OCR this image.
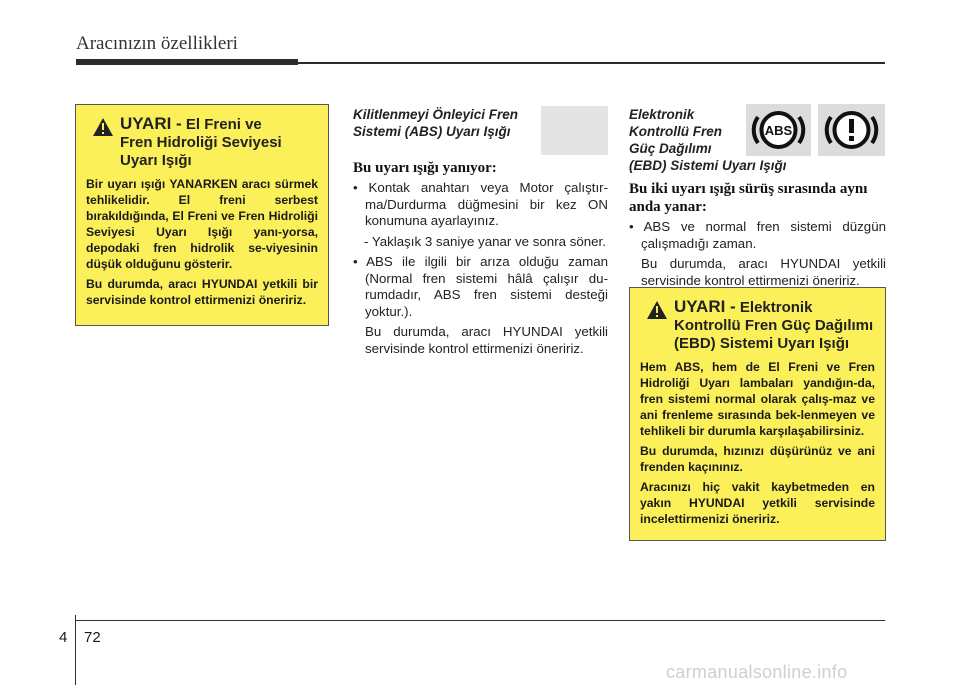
Aracınızın özellikleri
UYARI - El Freni ve
Fren Hidroliği Seviyesi
Uyarı Işığı

Bir uyarı ışığı YANARKEN aracı sürmek tehlikelidir. El freni serbest bırakıldığında, El Freni ve Fren Hidroliği Seviyesi Uyarı Işığı yanı-yorsa, depodaki fren hidrolik se-viyesinin düşük olduğunu gösterir.

Bu durumda, aracı HYUNDAI yetkili bir servisinde kontrol ettirmenizi öneririz.

Kilitlenmeyi Önleyici Fren
Sistemi (ABS) Uyarı Işığı
Bu uyarı ışığı yanıyor:

• Kontak anahtarı veya Motor çalıştır-ma/Durdurma düğmesini bir kez ON konumuna ayarlayınız.

- Yaklaşık 3 saniye yanar ve sonra söner.

• ABS ile ilgili bir arıza olduğu zaman (Normal fren sistemi hâlâ çalışır du-rumdadır, ABS fren sistemi desteği yoktur.).

Bu durumda, aracı HYUNDAI yetkili servisinde kontrol ettirmenizi öneririz.

Elektronik
Kontrollü Fren
Güç Dağılımı
(EBD) Sistemi Uyarı Işığı
ABS
Bu iki uyarı ışığı sürüş sırasında aynı anda yanar:

• ABS ve normal fren sistemi düzgün çalışmadığı zaman.

Bu durumda, aracı HYUNDAI yetkili servisinde kontrol ettirmenizi öneririz.

UYARI - Elektronik
Kontrollü Fren Güç Dağılımı
(EBD) Sistemi Uyarı Işığı

Hem ABS, hem de El Freni ve Fren Hidroliği Uyarı lambaları yandığın-da, fren sistemi normal olarak çalış-maz ve ani frenleme sırasında bek-lenmeyen ve tehlikeli bir durumla karşılaşabilirsiniz.

Bu durumda, hızınızı düşürünüz ve ani frenden kaçınınız.

Aracınızı hiç vakit kaybetmeden en yakın HYUNDAI yetkili servisinde incelettirmenizi öneririz.

4 72
carmanualsonline.info
